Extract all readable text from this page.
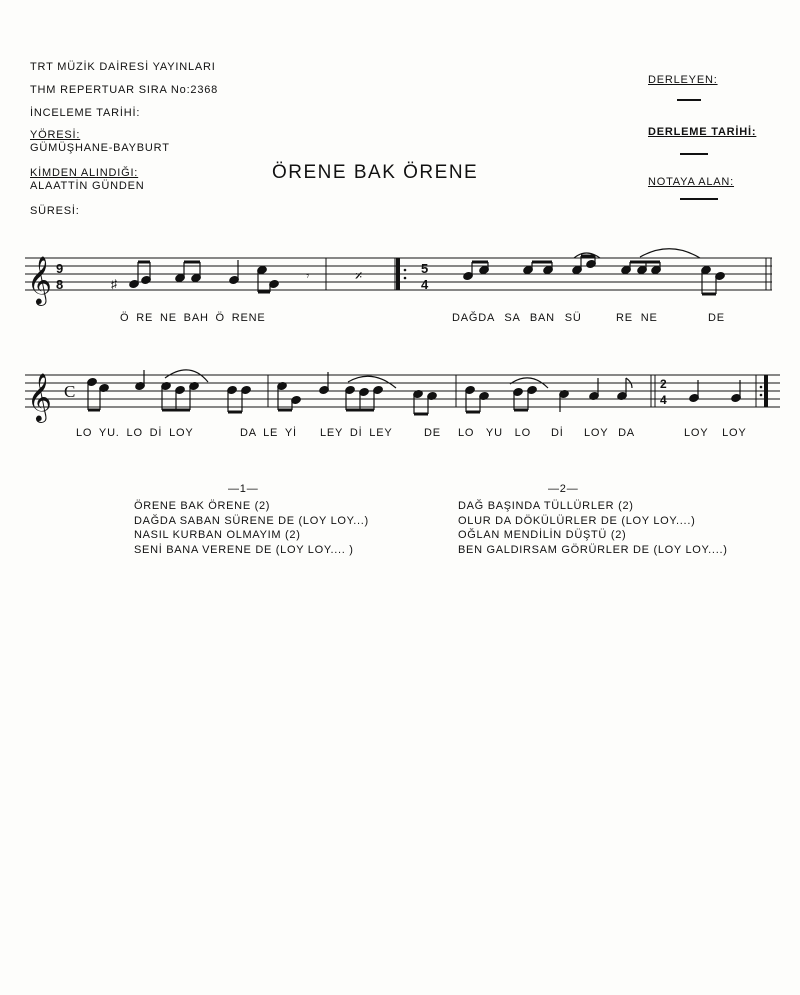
TRT MÜZİK DAİRESİ YAYINLARI
THM REPERTUAR SIRA No:2368
İNCELEME TARİHİ:
YÖRESİ:
GÜMÜŞHANE-BAYBURT
KİMDEN ALINDIĞI:
ALAATTİN GÜNDEN
SÜRESİ:
DERLEYEN:
DERLEME TARİHİ:
NOTAYA ALAN:
ÖRENE BAK ÖRENE
𝄞 9
8	♯
𝄾	𝄎	5
4
𝄞 C	2
4
Ö RE NE BAH Ö RENE	DAĞDA SA BAN SÜ	RE NE	DE
LO YU. LO Dİ LOY	DA LE Yİ LEY Dİ LEY	DE LO YU LO Dİ LOY DA	LOY LOY
—1—
ÖRENE BAK ÖRENE (2)
DAĞDA SABAN SÜRENE DE (LOY LOY...)
NASIL KURBAN OLMAYIM (2)
SENİ BANA VERENE DE (LOY LOY.... )
—2—
DAĞ BAŞINDA TÜLLÜRLER (2)
OLUR DA DÖKÜLÜRLER DE (LOY LOY....)
OĞLAN MENDİLİN DÜŞTÜ (2)
BEN GALDIRSAM GÖRÜRLER DE (LOY LOY....)
